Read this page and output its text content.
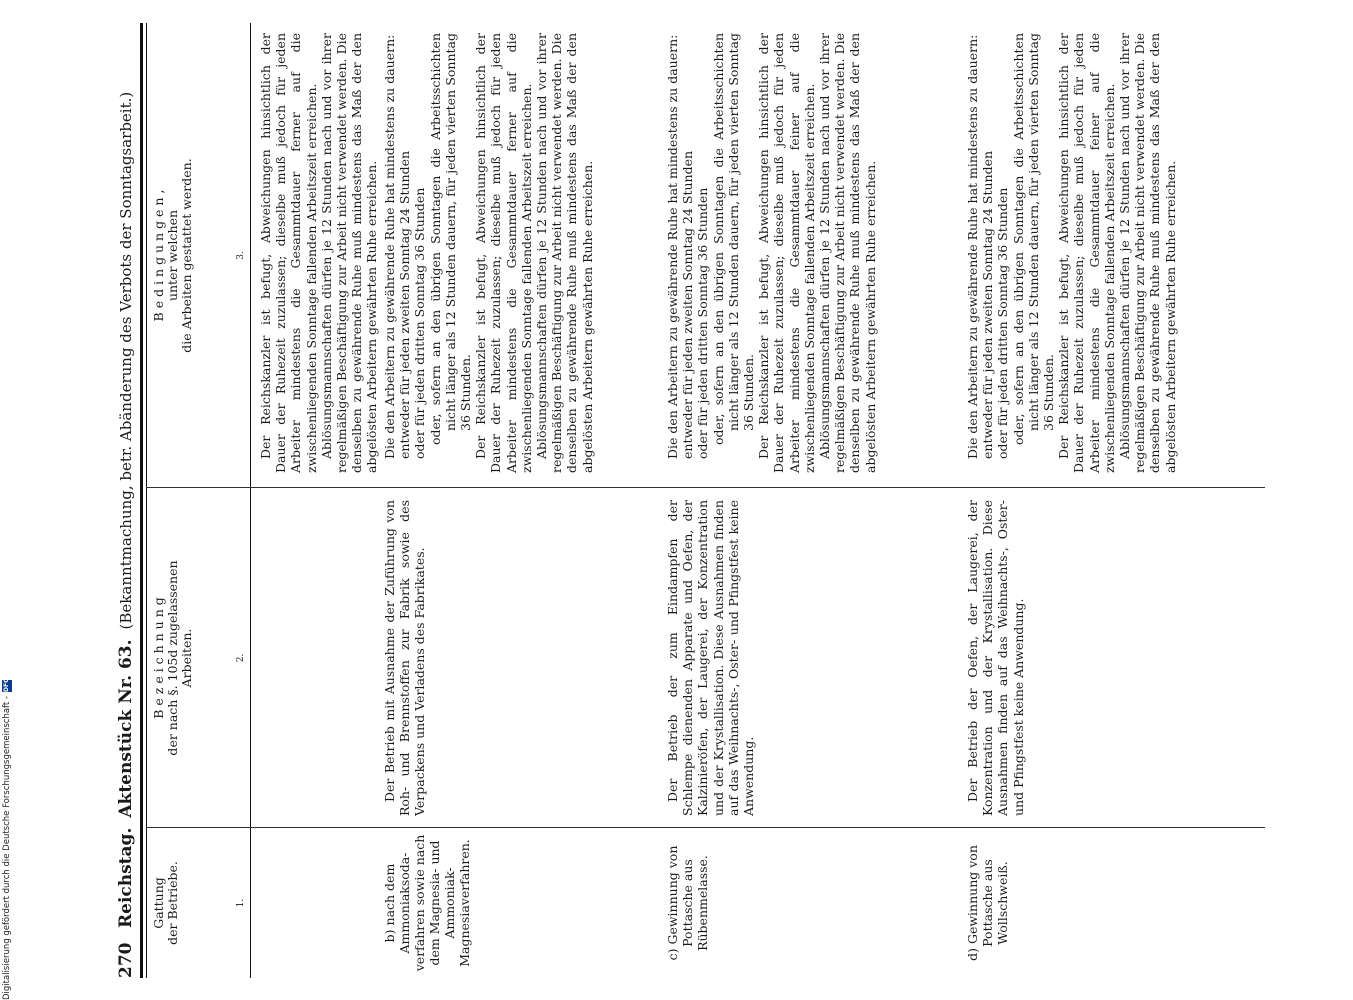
270
Reichstag.
Aktenstück Nr. 63.
(Bekanntmachung, betr. Abänderung des Verbots der Sonntagsarbeit.)
Gattung
der Betriebe.
B e z e i c h n u n g
der nach §. 105d zugelassenen
Arbeiten.
B e d i n g u n g e n ,
unter welchen
die Arbeiten gestattet werden.
1.
2.
3. Der Reichskanzler ist befugt, Abweichungen hinsichtlich der Dauer der Ruhezeit zuzulassen; dieselbe muß jedoch für jeden Arbeiter mindestens die Gesammtdauer ferner auf die zwischenliegenden Sonntage fallenden Arbeitszeit erreichen. Ablösungsmannschaften dürfen je 12 Stunden nach und vor ihrer regelmäßigen Beschäftigung zur Arbeit nicht verwendet werden. Die denselben zu gewährende Ruhe muß mindestens das Maß der den abgelösten Arbeitern gewährten Ruhe erreichen.

b) nach dem Ammoniaksoda-verfahren sowie nach dem Magnesia- und Ammoniak-Magnesiaverfahren.

Der Betrieb mit Ausnahme der Zuführung von Roh- und Brennstoffen zur Fabrik sowie des Verpackens und Verladens des Fabrikates.

Die den Arbeitern zu gewährende Ruhe hat mindestens zu dauern: entweder für jeden zweiten Sonntag 24 Stunden oder für jeden dritten Sonntag 36 Stunden oder, sofern an den übrigen Sonntagen die Arbeitsschichten nicht länger als 12 Stunden dauern, für jeden vierten Sonntag 36 Stunden. Der Reichskanzler ist befugt, Abweichungen hinsichtlich der Dauer der Ruhezeit zuzulassen; dieselbe muß jedoch für jeden Arbeiter mindestens die Gesammtdauer ferner auf die zwischenliegenden Sonntage fallenden Arbeitszeit erreichen. Ablösungsmannschaften dürfen je 12 Stunden nach und vor ihrer regelmäßigen Beschäftigung zur Arbeit nicht verwendet werden. Die denselben zu gewährende Ruhe muß mindestens das Maß der den abgelösten Arbeitern gewährten Ruhe erreichen.

c) Gewinnung von Pottasche aus Rübenmelasse.

Der Betrieb der zum Eindampfen der Schlempe dienenden Apparate und Oefen, der Kalzinieröfen, der Laugerei, der Konzentration und der Krystallisation. Diese Ausnahmen finden auf das Weihnachts-, Oster- und Pfingstfest keine Anwendung.

Die den Arbeitern zu gewährende Ruhe hat mindestens zu dauern: entweder für jeden zweiten Sonntag 24 Stunden oder für jeden dritten Sonntag 36 Stunden oder, sofern an den übrigen Sonntagen die Arbeitsschichten nicht länger als 12 Stunden dauern, für jeden vierten Sonntag 36 Stunden. Der Reichskanzler ist befugt, Abweichungen hinsichtlich der Dauer der Ruhezeit zuzulassen; dieselbe muß jedoch für jeden Arbeiter mindestens die Gesammtdauer feiner auf die zwischenliegenden Sonntage fallenden Arbeitszeit erreichen. Ablösungsmannschaften dürfen je 12 Stunden nach und vor ihrer regelmäßigen Beschäftigung zur Arbeit nicht verwendet werden. Die denselben zu gewährende Ruhe muß mindestens das Maß der den abgelösten Arbeitern gewährten Ruhe erreichen.

d) Gewinnung von Pottasche aus Wollschweiß.

Der Betrieb der Oefen, der Laugerei, der Konzentration und der Krystallisation. Diese Ausnahmen finden auf das Weihnachts-, Oster- und Pfingstfest keine Anwendung.

Die den Arbeitern zu gewährende Ruhe hat mindestens zu dauern: entweder für jeden zweiten Sonntag 24 Stunden oder für jeden dritten Sonntag 36 Stunden oder, sofern an den übrigen Sonntagen die Arbeitsschichten nicht länger als 12 Stunden dauern, für jeden vierten Sonntag 36 Stunden. Der Reichskanzler ist befugt, Abweichungen hinsichtlich der Dauer der Ruhezeit zuzulassen; dieselbe muß jedoch für jeden Arbeiter mindestens die Gesammtdauer feiner auf die zwischenliegenden Sonntage fallenden Arbeitszeit erreichen. Ablösungsmannschaften dürfen je 12 Stunden nach und vor ihrer regelmäßigen Beschäftigung zur Arbeit nicht verwendet werden. Die denselben zu gewährende Ruhe muß mindestens das Maß der den abgelösten Arbeitern gewährten Ruhe erreichen.

Digitalisierung gefördert durch die Deutsche Forschungsgemeinschaft -
DFG
